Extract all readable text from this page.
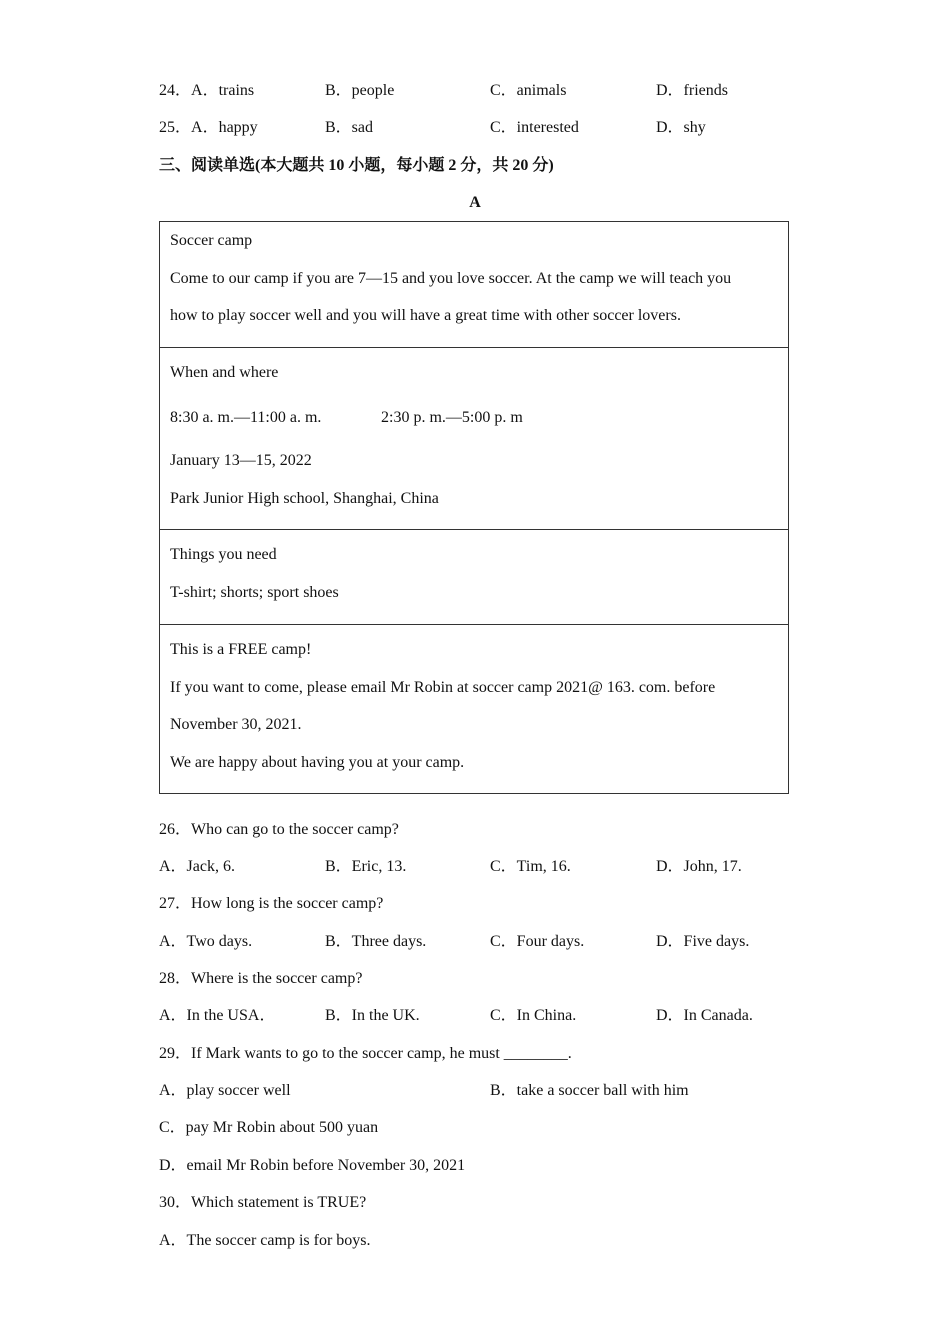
24．A．trains	B．people	C．animals	D．friends
25．A．happy	B．sad	C．interested	D．shy
三、阅读单选(本大题共 10 小题，每小题 2 分，共 20 分)
A
Soccer camp
Come to our camp if you are 7—15 and you love soccer. At the camp we will teach you
how to play soccer well and you will have a great time with other soccer lovers.
When and where
8:30 a. m.—11:00 a. m.	2:30 p. m.—5:00 p. m
January 13—15, 2022
Park Junior High school, Shanghai, China
Things you need
T-shirt; shorts; sport shoes
This is a FREE camp!
If you want to come, please email Mr Robin at soccer camp 2021@ 163. com. before
November 30, 2021.
We are happy about having you at your camp.
26．Who can go to the soccer camp?
A．Jack, 6.	B．Eric, 13.	C．Tim, 16.	D．John, 17.
27．How long is the soccer camp?
A．Two days.	B．Three days.	C．Four days.	D．Five days.
28．Where is the soccer camp?
A．In the USA．	B．In the UK.	C．In China.	D．In Canada.
29．If Mark wants to go to the soccer camp, he must ________.
A．play soccer well	B．take a soccer ball with him
C．pay Mr Robin about 500 yuan
D．email Mr Robin before November 30, 2021
30．Which statement is TRUE?
A．The soccer camp is for boys.
